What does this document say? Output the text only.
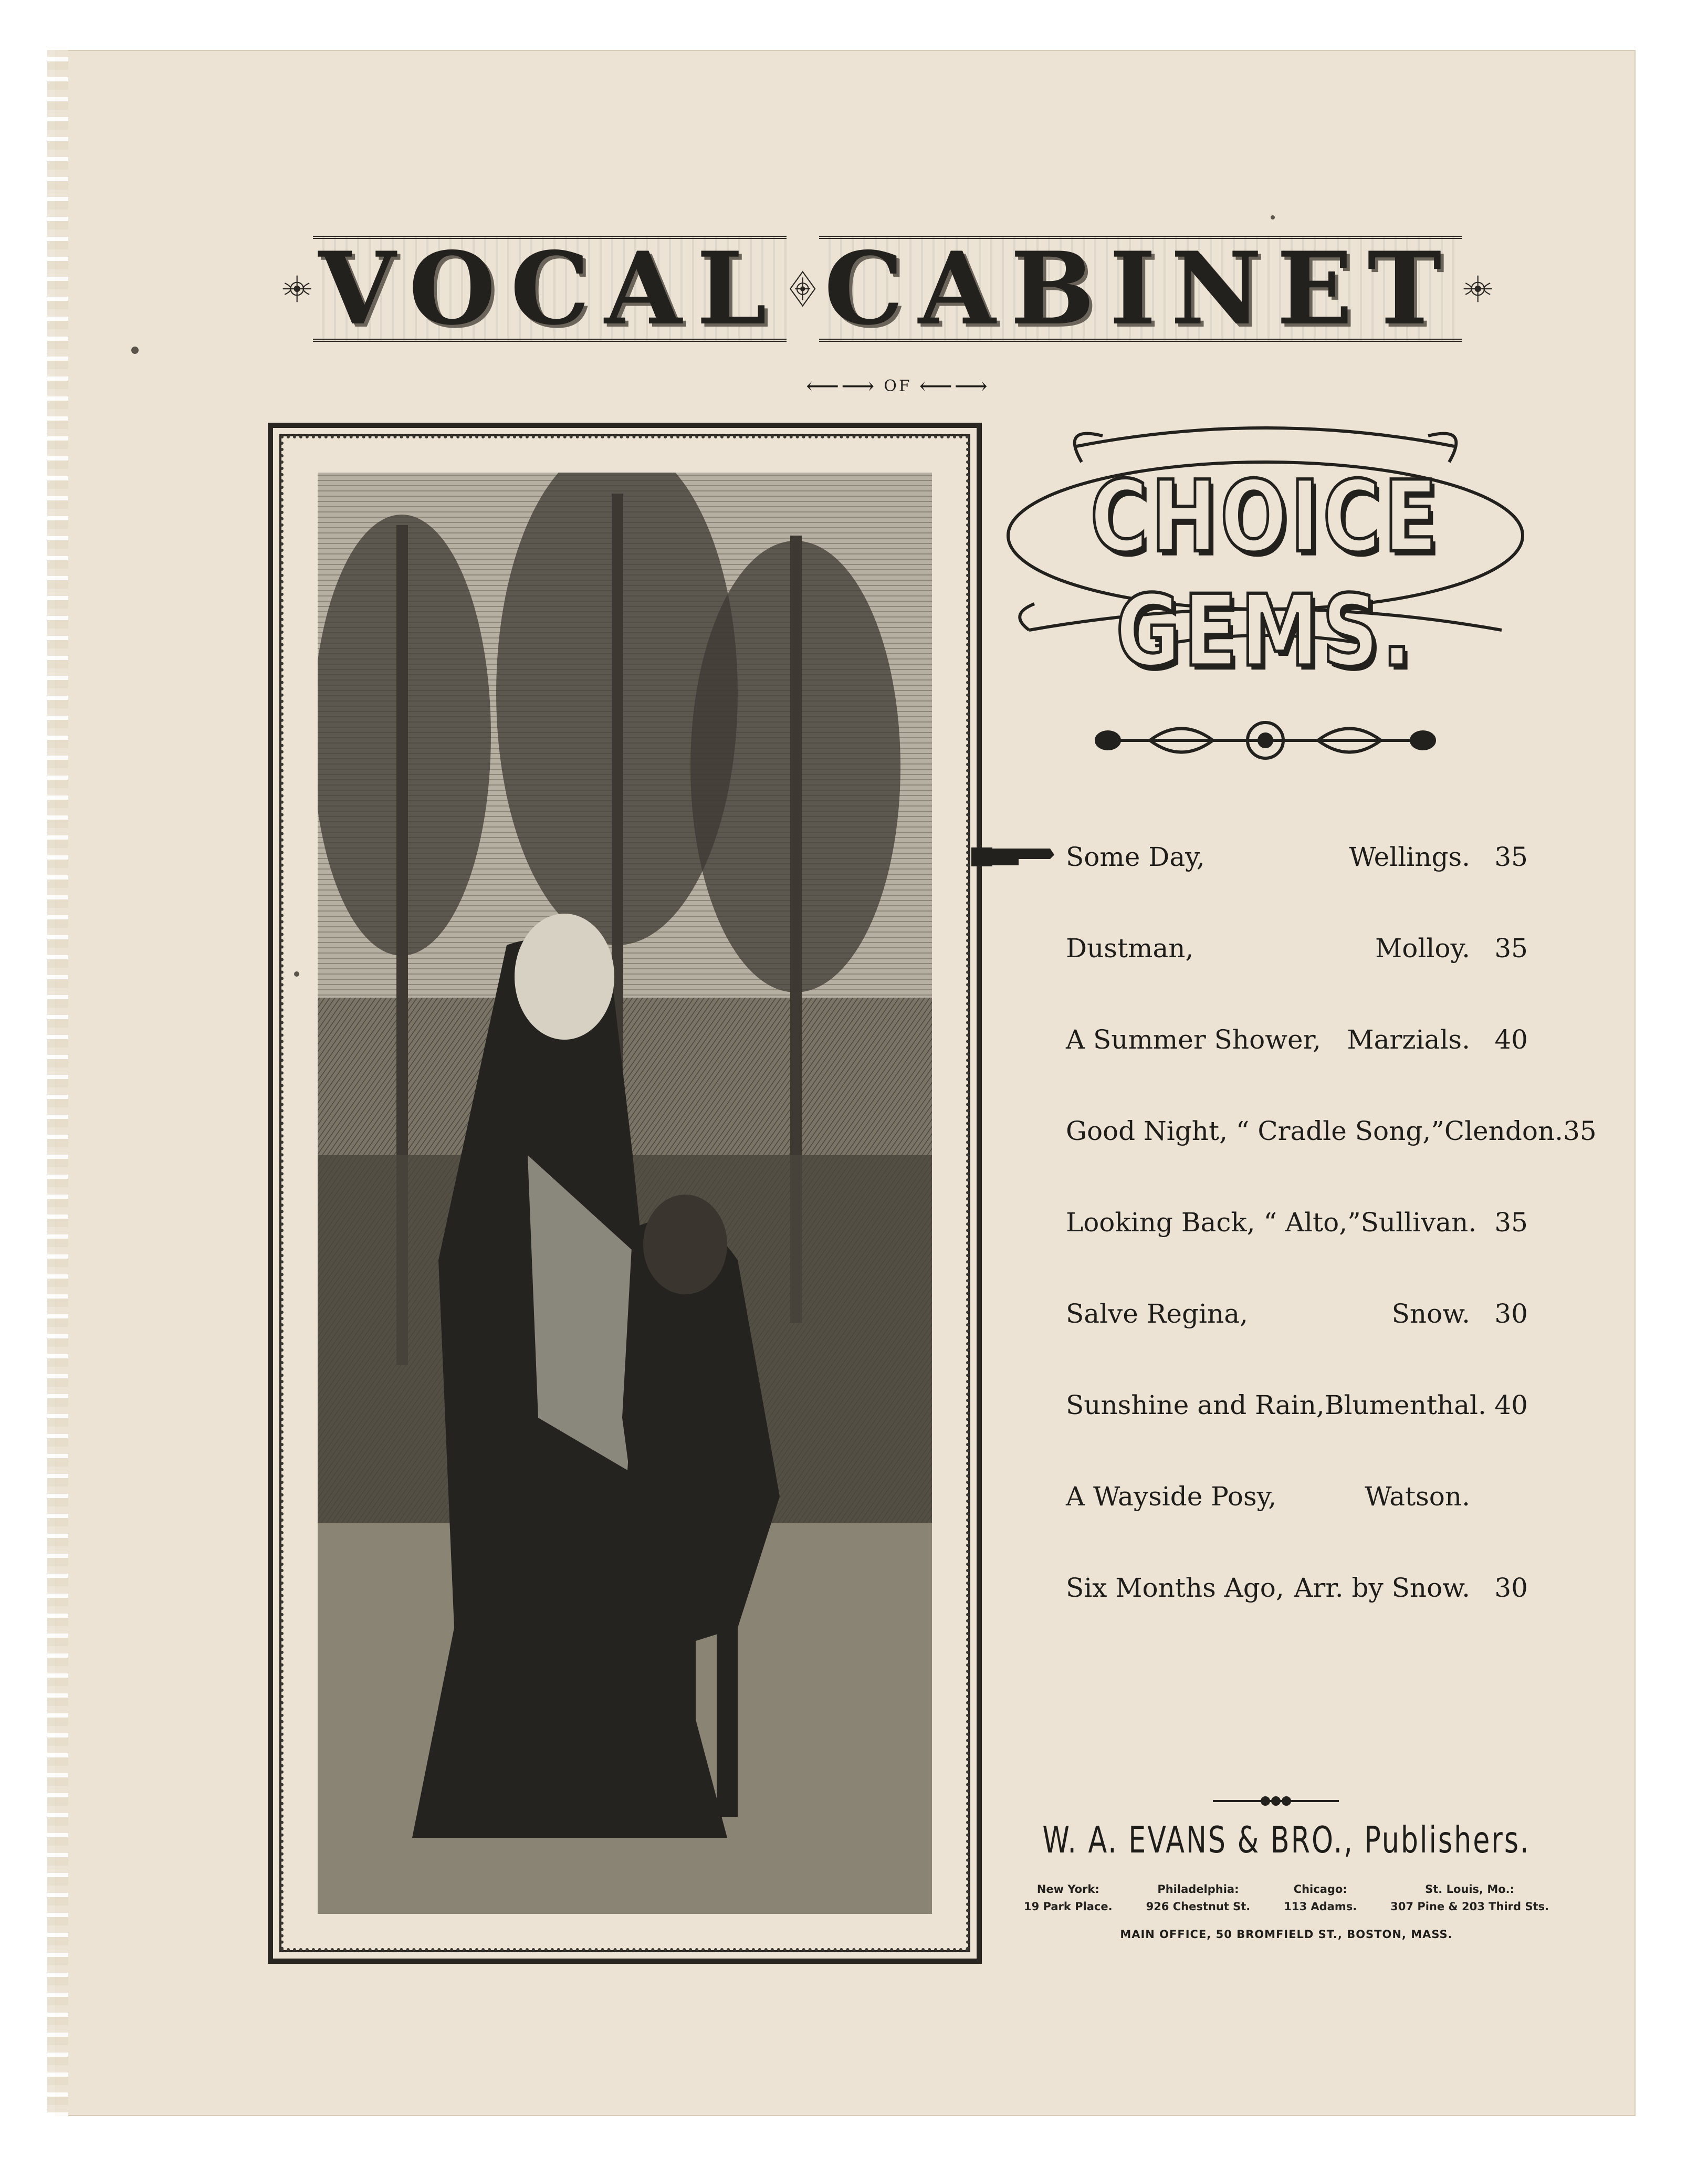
VOCAL CABINET
⟵⟶ OF ⟵⟶
CHOICE GEMS.
Some Day,	Wellings. 35
Dustman,	Molloy. 35
A Summer Shower, Marzials. 40
Good Night, “ Cradle Song,” Clendon. 35
Looking Back, “ Alto,” Sullivan. 35
Salve Regina,	Snow. 30
Sunshine and Rain, Blumenthal. 40
A Wayside Posy,	Watson.
Six Months Ago, Arr. by Snow. 30
W. A. EVANS & BRO., Publishers.
New York:
19 Park Place.
Philadelphia:
926 Chestnut St.
Chicago:
113 Adams.
St. Louis, Mo.:
307 Pine & 203 Third Sts.
MAIN OFFICE, 50 BROMFIELD ST., BOSTON, MASS.
